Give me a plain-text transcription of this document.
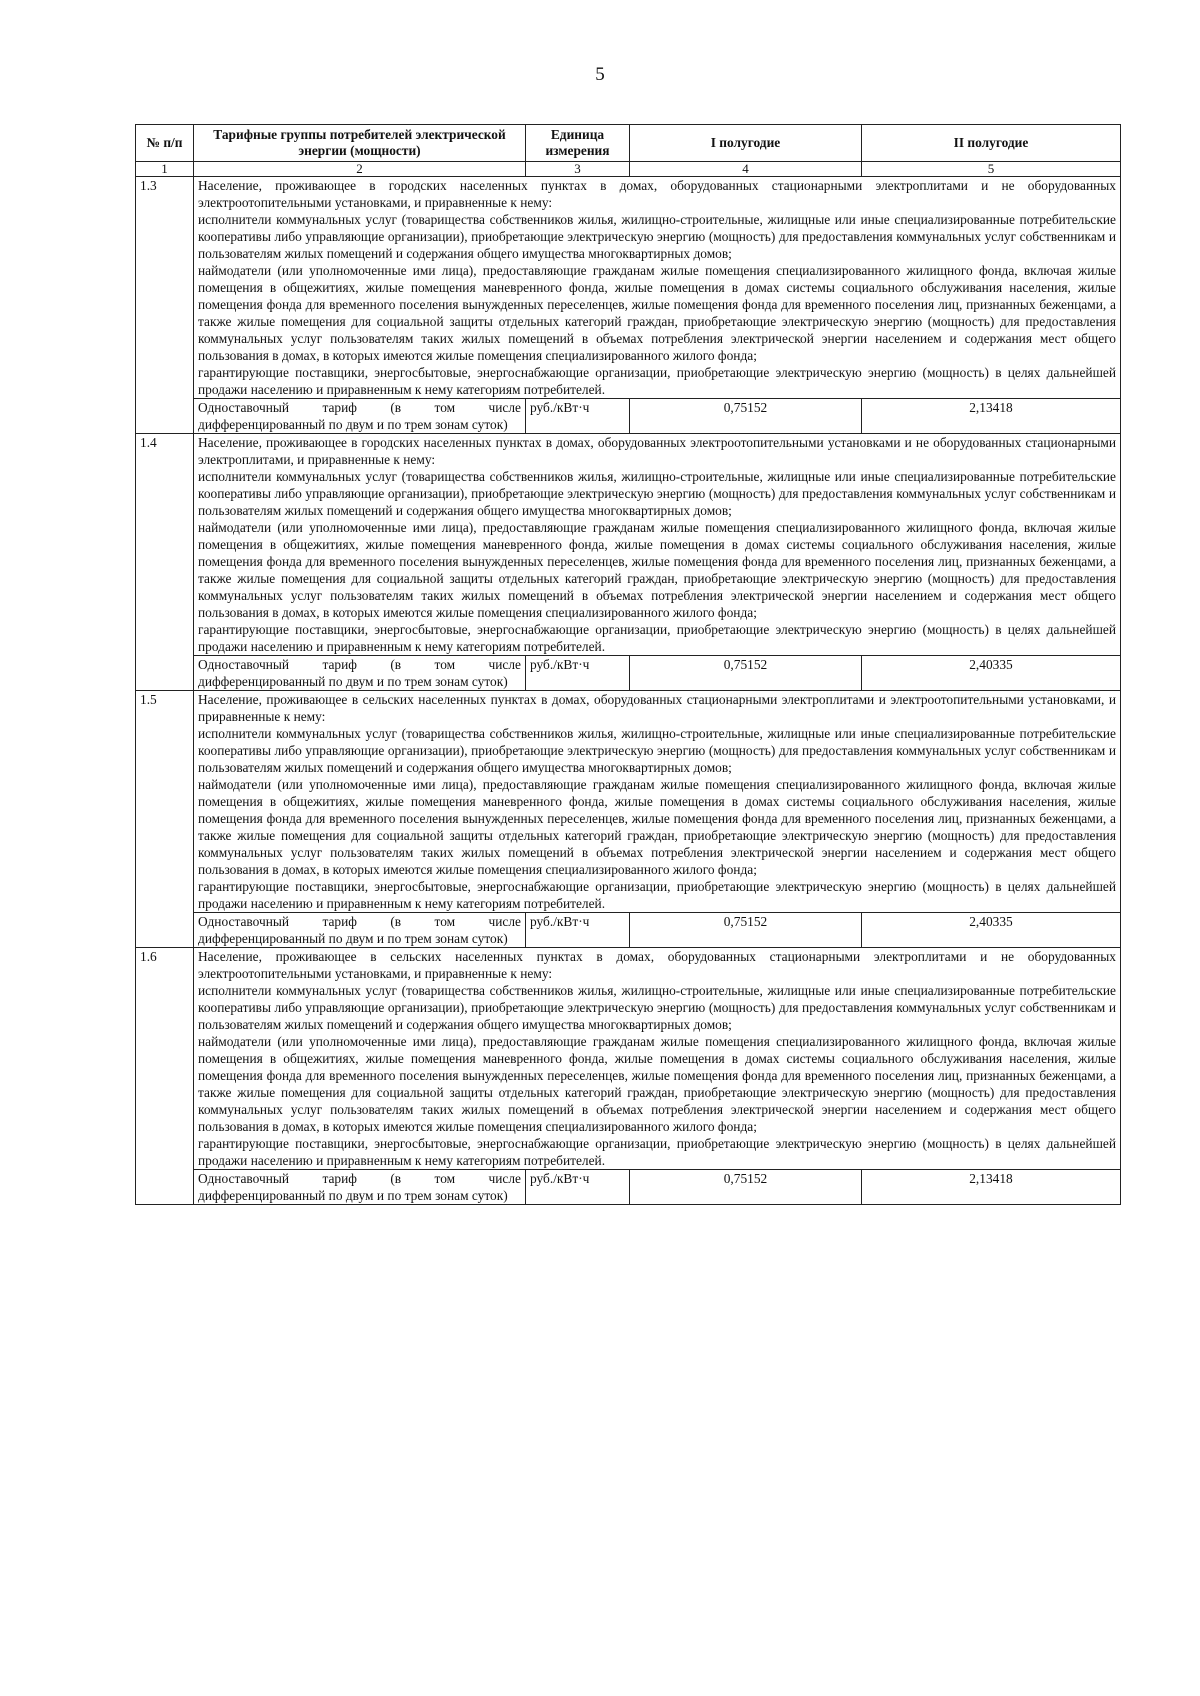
5
№ п/п	Тарифные группы потребителей электрической энергии (мощности)	Единица измерения	I полугодие	II полугодие
1	2	3	4	5
1.3	Население, проживающее в городских населенных пунктах в домах, оборудованных стационарными электроплитами и не оборудованных электроотопительными установками, и приравненные к нему:

исполнители коммунальных услуг (товарищества собственников жилья, жилищно-строительные, жилищные или иные специализированные потребительские кооперативы либо управляющие организации), приобретающие электрическую энергию (мощность) для предоставления коммунальных услуг собственникам и пользователям жилых помещений и содержания общего имущества многоквартирных домов;

наймодатели (или уполномоченные ими лица), предоставляющие гражданам жилые помещения специализированного жилищного фонда, включая жилые помещения в общежитиях, жилые помещения маневренного фонда, жилые помещения в домах системы социального обслуживания населения, жилые помещения фонда для временного поселения вынужденных переселенцев, жилые помещения фонда для временного поселения лиц, признанных беженцами, а также жилые помещения для социальной защиты отдельных категорий граждан, приобретающие электрическую энергию (мощность) для предоставления коммунальных услуг пользователям таких жилых помещений в объемах потребления электрической энергии населением и содержания мест общего пользования в домах, в которых имеются жилые помещения специализированного жилого фонда;

гарантирующие поставщики, энергосбытовые, энергоснабжающие организации, приобретающие электрическую энергию (мощность) в целях дальнейшей продажи населению и приравненным к нему категориям потребителей.			

	Одноставочный тариф (в том числе дифференцированный по двум и по трем зонам суток)	руб./кВт·ч	0,75152	2,13418
1.4	Население, проживающее в городских населенных пунктах в домах, оборудованных электроотопительными установками и не оборудованных стационарными электроплитами, и приравненные к нему:

исполнители коммунальных услуг (товарищества собственников жилья, жилищно-строительные, жилищные или иные специализированные потребительские кооперативы либо управляющие организации), приобретающие электрическую энергию (мощность) для предоставления коммунальных услуг собственникам и пользователям жилых помещений и содержания общего имущества многоквартирных домов;

наймодатели (или уполномоченные ими лица), предоставляющие гражданам жилые помещения специализированного жилищного фонда, включая жилые помещения в общежитиях, жилые помещения маневренного фонда, жилые помещения в домах системы социального обслуживания населения, жилые помещения фонда для временного поселения вынужденных переселенцев, жилые помещения фонда для временного поселения лиц, признанных беженцами, а также жилые помещения для социальной защиты отдельных категорий граждан, приобретающие электрическую энергию (мощность) для предоставления коммунальных услуг пользователям таких жилых помещений в объемах потребления электрической энергии населением и содержания мест общего пользования в домах, в которых имеются жилые помещения специализированного жилого фонда;

гарантирующие поставщики, энергосбытовые, энергоснабжающие организации, приобретающие электрическую энергию (мощность) в целях дальнейшей продажи населению и приравненным к нему категориям потребителей.			

	Одноставочный тариф (в том числе дифференцированный по двум и по трем зонам суток)	руб./кВт·ч	0,75152	2,40335
1.5	Население, проживающее в сельских населенных пунктах в домах, оборудованных стационарными электроплитами и электроотопительными установками, и приравненные к нему:

исполнители коммунальных услуг (товарищества собственников жилья, жилищно-строительные, жилищные или иные специализированные потребительские кооперативы либо управляющие организации), приобретающие электрическую энергию (мощность) для предоставления коммунальных услуг собственникам и пользователям жилых помещений и содержания общего имущества многоквартирных домов;

наймодатели (или уполномоченные ими лица), предоставляющие гражданам жилые помещения специализированного жилищного фонда, включая жилые помещения в общежитиях, жилые помещения маневренного фонда, жилые помещения в домах системы социального обслуживания населения, жилые помещения фонда для временного поселения вынужденных переселенцев, жилые помещения фонда для временного поселения лиц, признанных беженцами, а также жилые помещения для социальной защиты отдельных категорий граждан, приобретающие электрическую энергию (мощность) для предоставления коммунальных услуг пользователям таких жилых помещений в объемах потребления электрической энергии населением и содержания мест общего пользования в домах, в которых имеются жилые помещения специализированного жилого фонда;

гарантирующие поставщики, энергосбытовые, энергоснабжающие организации, приобретающие электрическую энергию (мощность) в целях дальнейшей продажи населению и приравненным к нему категориям потребителей.			

	Одноставочный тариф (в том числе дифференцированный по двум и по трем зонам суток)	руб./кВт·ч	0,75152	2,40335
1.6	Население, проживающее в сельских населенных пунктах в домах, оборудованных стационарными электроплитами и не оборудованных электроотопительными установками, и приравненные к нему:

исполнители коммунальных услуг (товарищества собственников жилья, жилищно-строительные, жилищные или иные специализированные потребительские кооперативы либо управляющие организации), приобретающие электрическую энергию (мощность) для предоставления коммунальных услуг собственникам и пользователям жилых помещений и содержания общего имущества многоквартирных домов;

наймодатели (или уполномоченные ими лица), предоставляющие гражданам жилые помещения специализированного жилищного фонда, включая жилые помещения в общежитиях, жилые помещения маневренного фонда, жилые помещения в домах системы социального обслуживания населения, жилые помещения фонда для временного поселения вынужденных переселенцев, жилые помещения фонда для временного поселения лиц, признанных беженцами, а также жилые помещения для социальной защиты отдельных категорий граждан, приобретающие электрическую энергию (мощность) для предоставления коммунальных услуг пользователям таких жилых помещений в объемах потребления электрической энергии населением и содержания мест общего пользования в домах, в которых имеются жилые помещения специализированного жилого фонда;

гарантирующие поставщики, энергосбытовые, энергоснабжающие организации, приобретающие электрическую энергию (мощность) в целях дальнейшей продажи населению и приравненным к нему категориям потребителей.			

	Одноставочный тариф (в том числе дифференцированный по двум и по трем зонам суток)	руб./кВт·ч	0,75152	2,13418
